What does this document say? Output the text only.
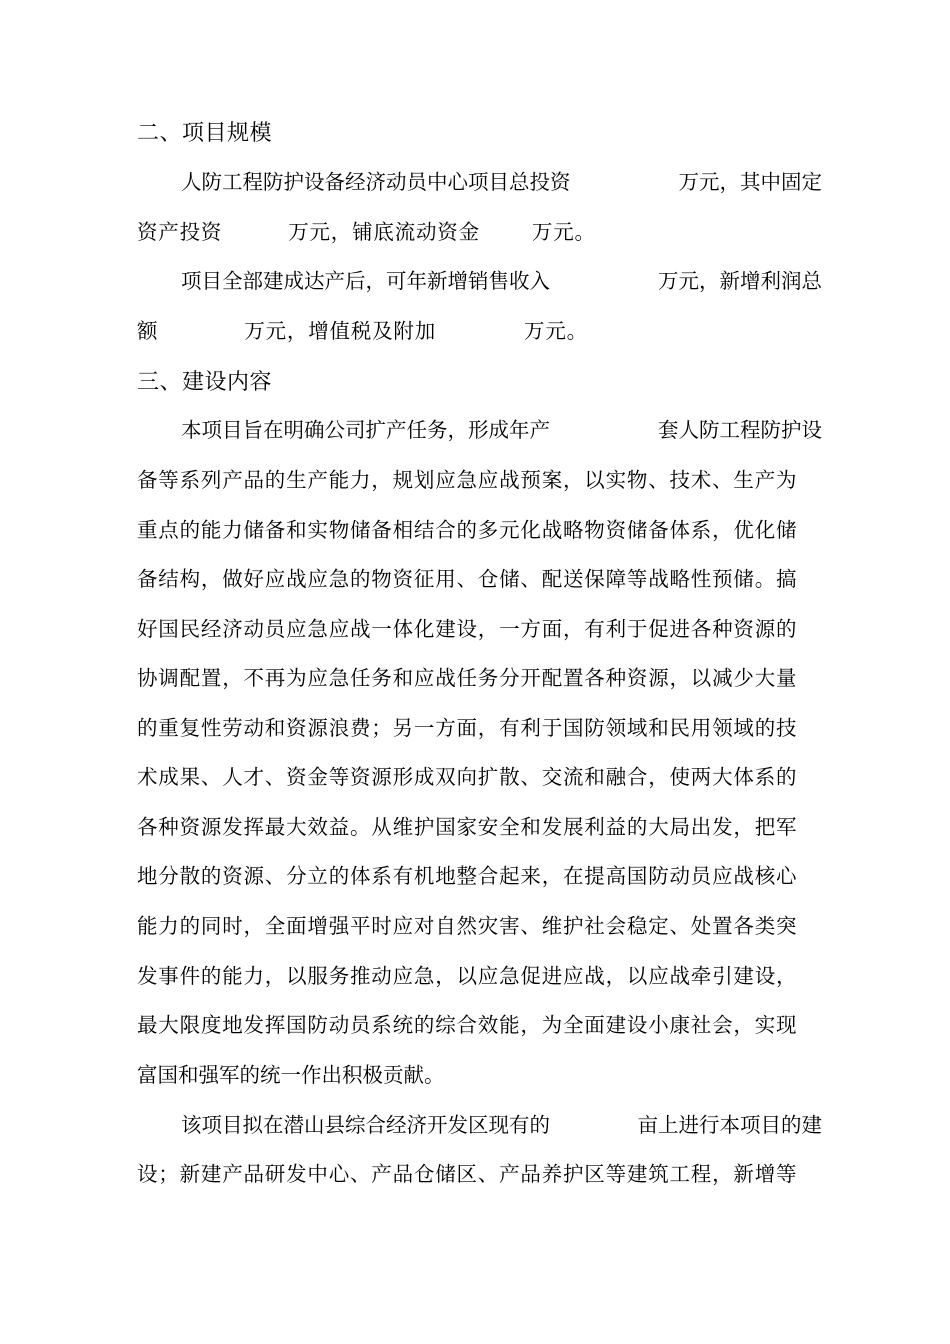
二、项目规模
人防工程防护设备经济动员中心项目总投资	万元，其中固定
资产投资	万元，铺底流动资金	万元。
项目全部建成达产后，可年新增销售收入	万元，新增利润总
额	万元，增值税及附加	万元。
三、建设内容
本项目旨在明确公司扩产任务，形成年产	套人防工程防护设
备等系列产品的生产能力，规划应急应战预案，以实物、技术、生产为
重点的能力储备和实物储备相结合的多元化战略物资储备体系，优化储
备结构，做好应战应急的物资征用、仓储、配送保障等战略性预储。搞
好国民经济动员应急应战一体化建设，一方面，有利于促进各种资源的
协调配置，不再为应急任务和应战任务分开配置各种资源，以减少大量
的重复性劳动和资源浪费；另一方面，有利于国防领域和民用领域的技
术成果、人才、资金等资源形成双向扩散、交流和融合，使两大体系的
各种资源发挥最大效益。从维护国家安全和发展利益的大局出发，把军
地分散的资源、分立的体系有机地整合起来，在提高国防动员应战核心
能力的同时，全面增强平时应对自然灾害、维护社会稳定、处置各类突
发事件的能力，以服务推动应急，以应急促进应战，以应战牵引建设，
最大限度地发挥国防动员系统的综合效能，为全面建设小康社会，实现
富国和强军的统一作出积极贡献。
该项目拟在潜山县综合经济开发区现有的	亩上进行本项目的建
设；新建产品研发中心、产品仓储区、产品养护区等建筑工程，新增等
